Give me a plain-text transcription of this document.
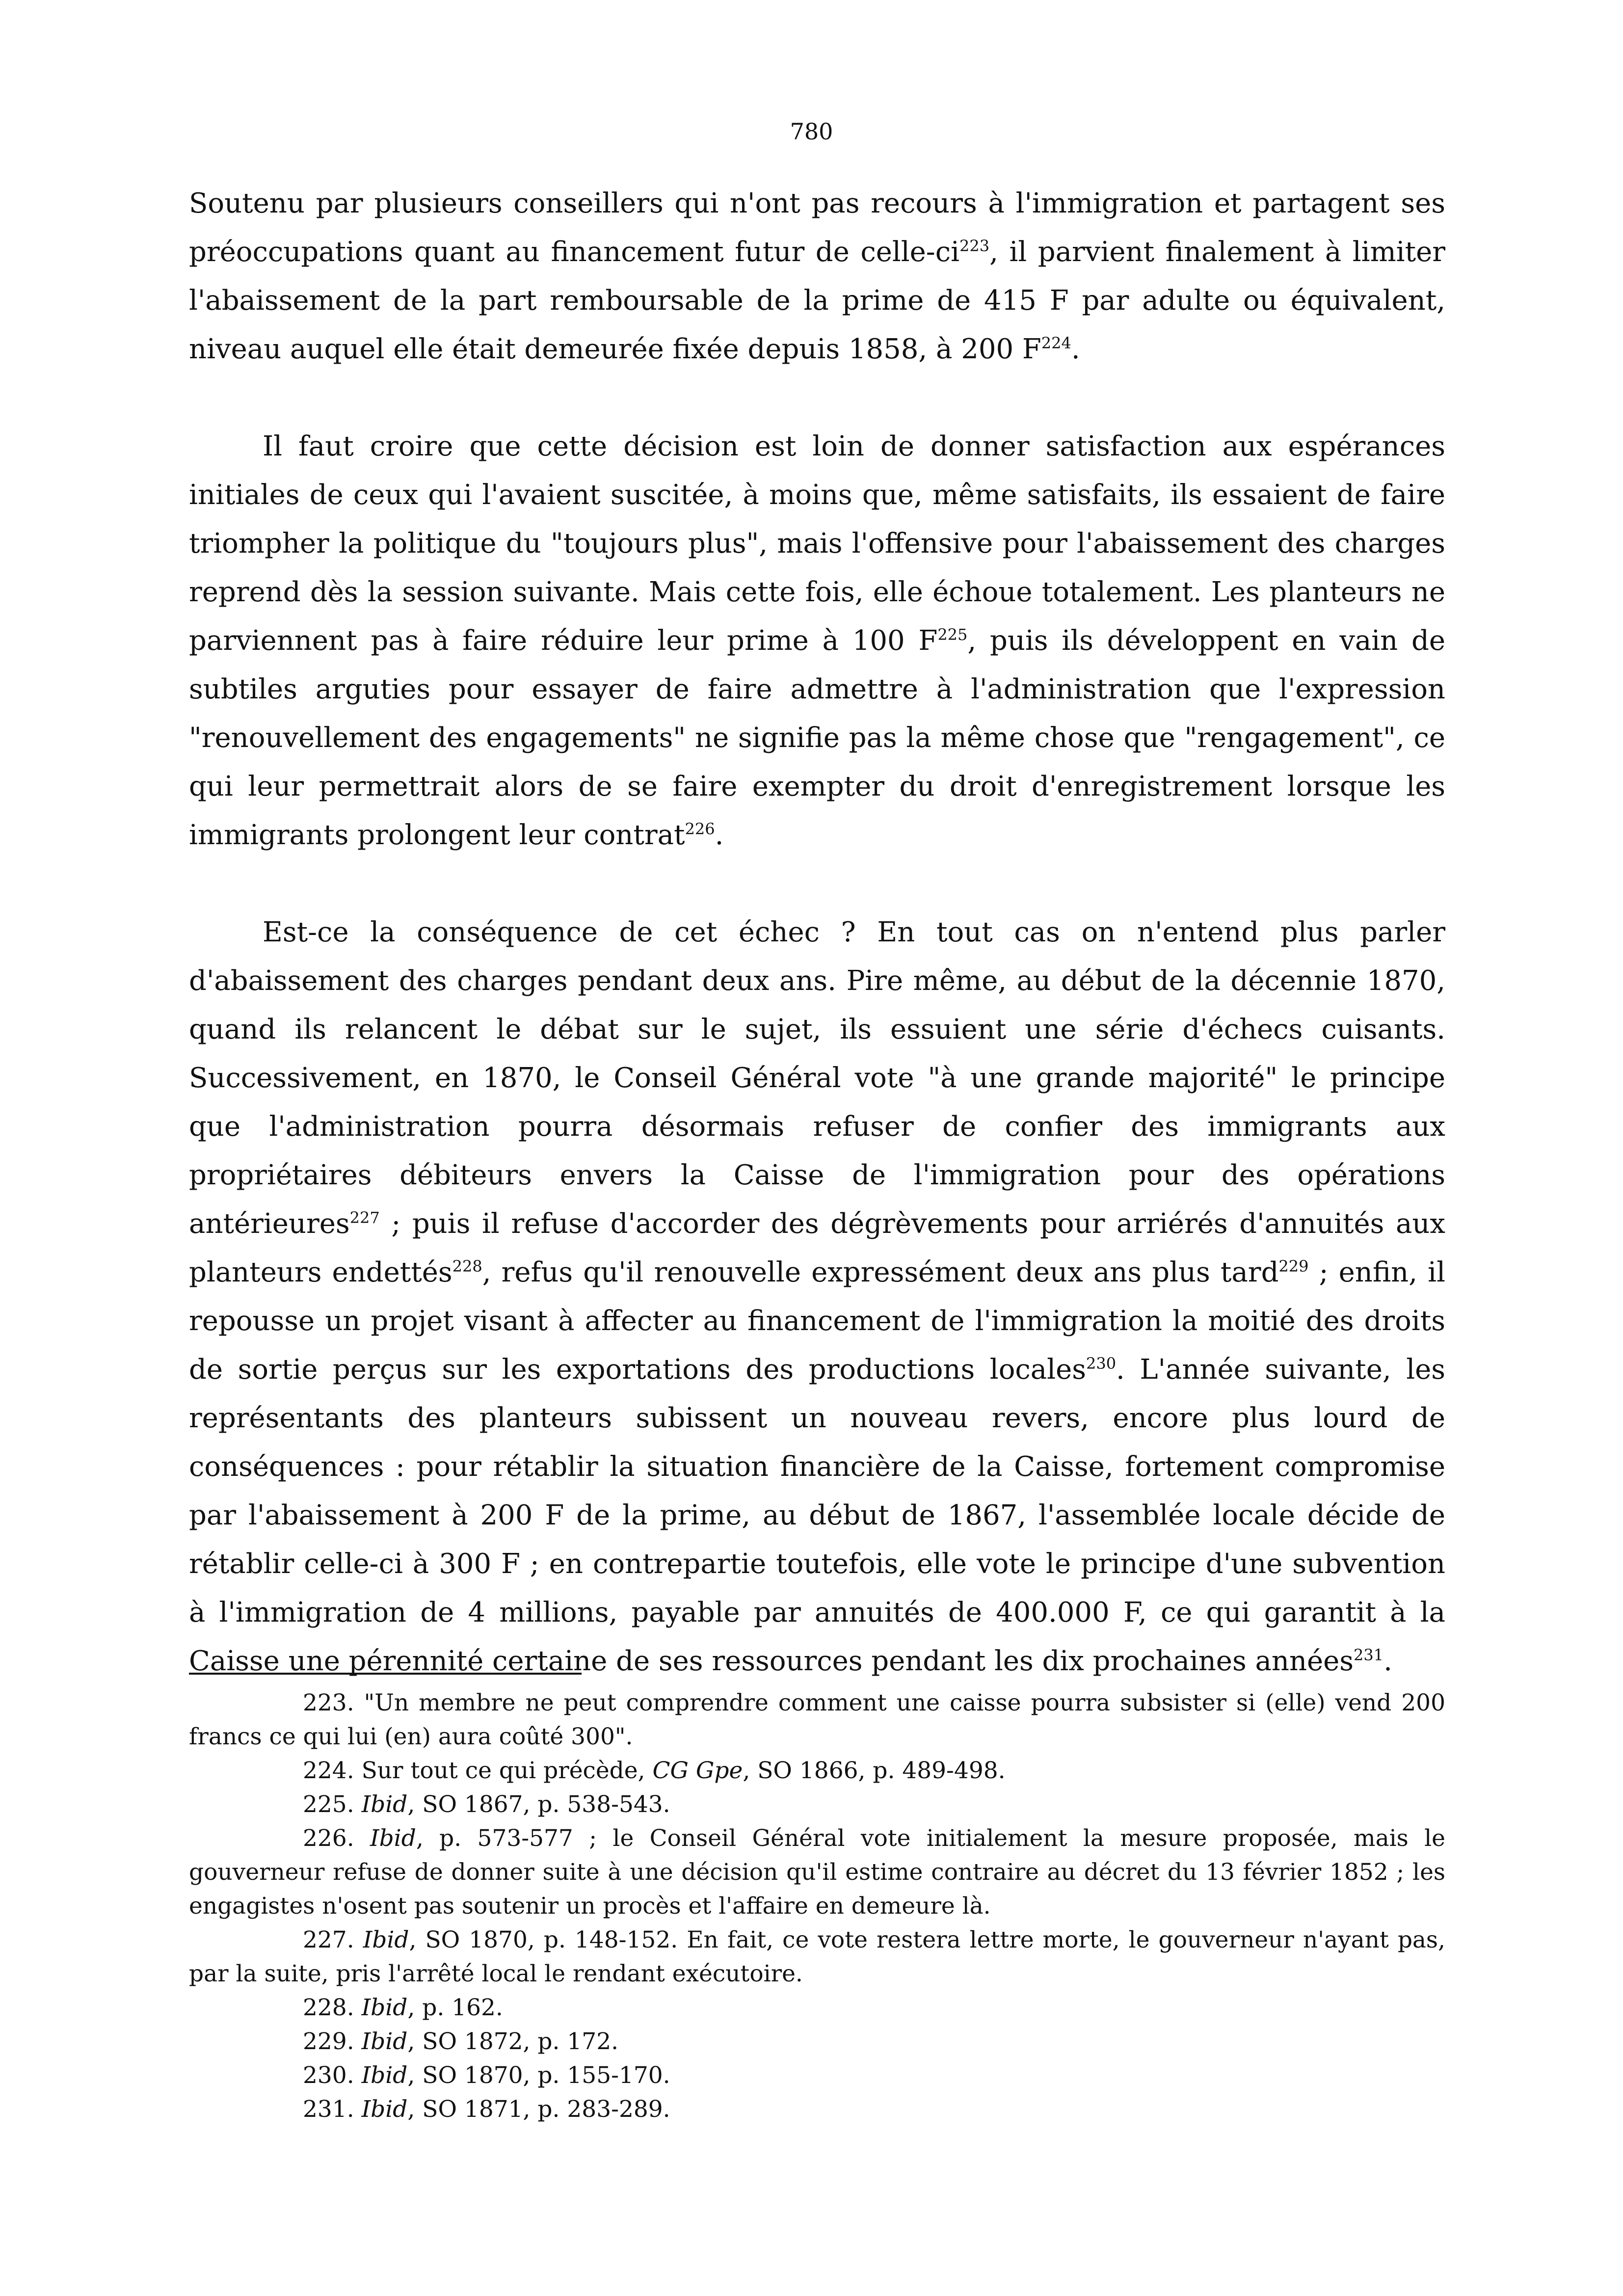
780

Soutenu par plusieurs conseillers qui n'ont pas recours à l'immigration et partagent ses préoccupations quant au financement futur de celle-$ci^{223}$, il parvient finalement à limiter l'abaissement de la part remboursable de la prime de 415 F par adulte ou équivalent, niveau auquel elle était demeurée fixée depuis 1858, à 200 $F^{224}$.

Il faut croire que cette décision est loin de donner satisfaction aux espérances initiales de ceux qui l'avaient suscitée, à moins que, même satisfaits, ils essaient de faire triompher la politique du "toujours plus", mais l'offensive pour l'abaissement des charges reprend dès la session suivante. Mais cette fois, elle échoue totalement. Les planteurs ne parviennent pas à faire réduire leur prime à 100 $F^{225}$, puis ils développent en vain de subtiles arguties pour essayer de faire admettre à l'administration que l'expression "renouvellement des engagements" ne signifie pas la même chose que "rengagement", ce qui leur permettrait alors de se faire exempter du droit d'enregistrement lorsque les immigrants prolongent leur contrat$^{226}$.

Est-ce la conséquence de cet échec ? En tout cas on n'entend plus parler d'abaissement des charges pendant deux ans. Pire même, au début de la décennie 1870, quand ils relancent le débat sur le sujet, ils essuient une série d'échecs cuisants. Successivement, en 1870, le Conseil Général vote "à une grande majorité" le principe que l'administration pourra désormais refuser de confier des immigrants aux propriétaires débiteurs envers la Caisse de l'immigration pour des opérations antérieures$^{227}$ ; puis il refuse d'accorder des dégrèvements pour arriérés d'annuités aux planteurs endettés$^{228}$, refus qu'il renouvelle expressément deux ans plus tard$^{229}$ ; enfin, il repousse un projet visant à affecter au financement de l'immigration la moitié des droits de sortie perçus sur les exportations des productions locales$^{230}$. L'année suivante, les représentants des planteurs subissent un nouveau revers, encore plus lourd de conséquences : pour rétablir la situation financière de la Caisse, fortement compromise par l'abaissement à 200 F de la prime, au début de 1867, l'assemblée locale décide de rétablir celle-ci à 300 F ; en contrepartie toutefois, elle vote le principe d'une subvention à l'immigration de 4 millions, payable par annuités de 400.000 F, ce qui garantit à la Caisse une pérennité certaine de ses ressources pendant les dix prochaines années$^{231}$.

223. "Un membre ne peut comprendre comment une caisse pourra subsister si (elle) vend 200 francs ce qui lui (en) aura coûté 300".

224. Sur tout ce qui précède, CG Gpe, SO 1866, p. 489-498.

225. Ibid, SO 1867, p. 538-543.

226. Ibid, p. 573-577 ; le Conseil Général vote initialement la mesure proposée, mais le gouverneur refuse de donner suite à une décision qu'il estime contraire au décret du 13 février 1852 ; les engagistes n'osent pas soutenir un procès et l'affaire en demeure là.

227. Ibid, SO 1870, p. 148-152. En fait, ce vote restera lettre morte, le gouverneur n'ayant pas, par la suite, pris l'arrêté local le rendant exécutoire.

228. Ibid, p. 162.

229. Ibid, SO 1872, p. 172.

230. Ibid, SO 1870, p. 155-170.

231. Ibid, SO 1871, p. 283-289.
